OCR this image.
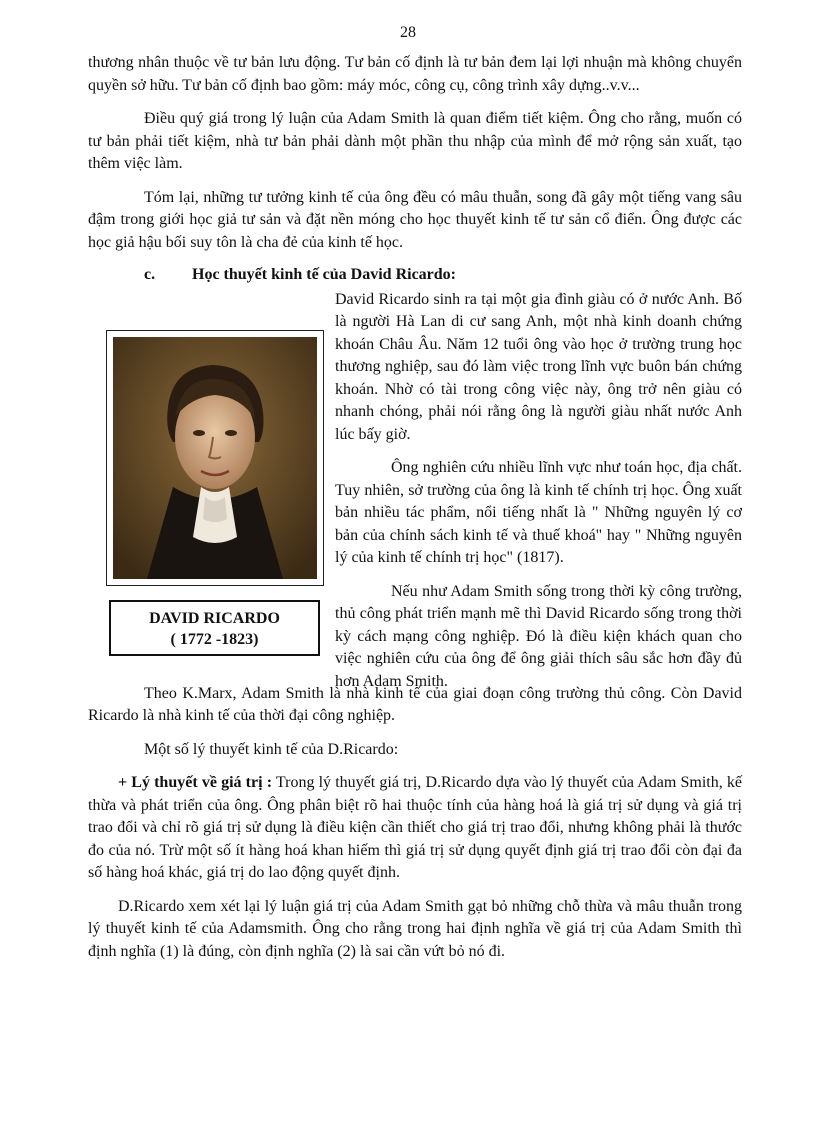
28

thương nhân thuộc về tư bản lưu động. Tư bản cố định là tư bản đem lại lợi nhuận mà không chuyển quyền sở hữu. Tư bản cố định bao gồm: máy móc, công cụ, công trình xây dựng..v.v...

Điều quý giá trong lý luận của Adam Smith là quan điểm tiết kiệm. Ông cho rằng, muốn có tư bản phải tiết kiệm, nhà tư bản phải dành một phần thu nhập của mình để mở rộng sản xuất, tạo thêm việc làm.

Tóm lại, những tư tưởng kinh tế của ông đều có mâu thuẫn, song đã gây một tiếng vang sâu đậm trong giới học giả tư sản và đặt nền móng cho học thuyết kinh tế tư sản cổ điển. Ông được các học giả hậu bối suy tôn là cha đẻ của kinh tế học.

c.	Học thuyết kinh tế của David Ricardo:
DAVID RICARDO
( 1772 -1823)

David Ricardo sinh ra tại một gia đình giàu có ở nước Anh. Bố là người Hà Lan di cư sang Anh, một nhà kinh doanh chứng khoán Châu Âu. Năm 12 tuổi ông vào học ở trường trung học thương nghiệp, sau đó làm việc trong lĩnh vực buôn bán chứng khoán. Nhờ có tài trong công việc này, ông trở nên giàu có nhanh chóng, phải nói rằng ông là người giàu nhất nước Anh lúc bấy giờ.

Ông nghiên cứu nhiều lĩnh vực như toán học, địa chất. Tuy nhiên, sở trường của ông là kinh tế chính trị học. Ông xuất bản nhiều tác phẩm, nổi tiếng nhất là " Những nguyên lý cơ bản của chính sách kinh tế và thuế khoá" hay " Những nguyên lý của kinh tế chính trị học" (1817).

Nếu như Adam Smith sống trong thời kỳ công trường, thủ công phát triển mạnh mẽ thì David Ricardo sống trong thời kỳ cách mạng công nghiệp. Đó là điều kiện khách quan cho việc nghiên cứu của ông để ông giải thích sâu sắc hơn đầy đủ hơn Adam Smith.

Theo K.Marx, Adam Smith là nhà kinh tế của giai đoạn công trường thủ công. Còn David Ricardo là nhà kinh tế của thời đại công nghiệp.

Một số lý thuyết kinh tế của D.Ricardo:

+ Lý thuyết về giá trị : Trong lý thuyết giá trị, D.Ricardo dựa vào lý thuyết của Adam Smith, kế thừa và phát triển của ông. Ông phân biệt rõ hai thuộc tính của hàng hoá là giá trị sử dụng và giá trị trao đổi và chỉ rõ giá trị sử dụng là điều kiện cần thiết cho giá trị trao đổi, nhưng không phải là thước đo của nó. Trừ một số ít hàng hoá khan hiếm thì giá trị sử dụng quyết định giá trị trao đổi còn đại đa số hàng hoá khác, giá trị do lao động quyết định.

D.Ricardo xem xét lại lý luận giá trị của Adam Smith gạt bỏ những chỗ thừa và mâu thuẫn trong lý thuyết kinh tế của Adamsmith. Ông cho rằng trong hai định nghĩa về giá trị của Adam Smith thì định nghĩa (1) là đúng, còn định nghĩa (2) là sai cần vứt bỏ nó đi.
